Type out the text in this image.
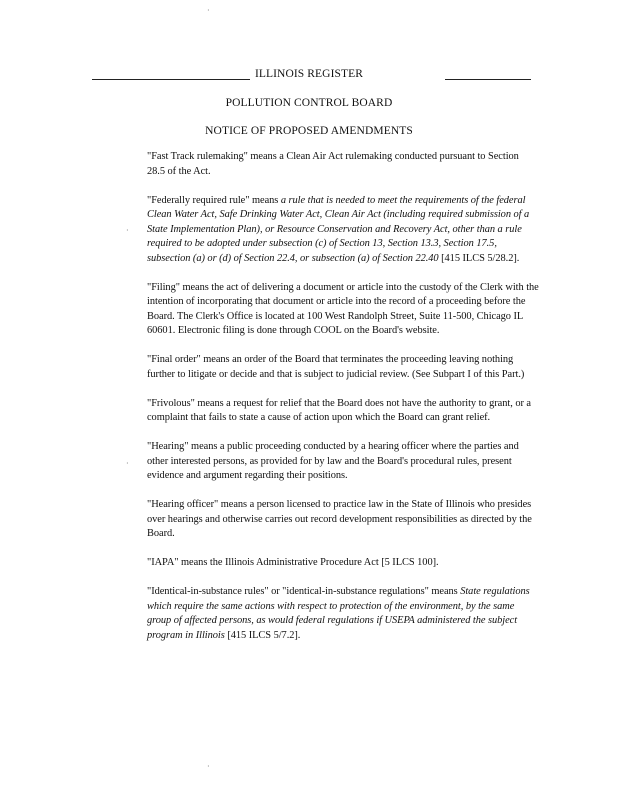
ILLINOIS REGISTER
POLLUTION CONTROL BOARD
NOTICE OF PROPOSED AMENDMENTS
·
·
·
·

"Fast Track rulemaking" means a Clean Air Act rulemaking conducted pursuant to Section 28.5 of the Act.

"Federally required rule" means a rule that is needed to meet the requirements of the federal Clean Water Act, Safe Drinking Water Act, Clean Air Act (including required submission of a State Implementation Plan), or Resource Conservation and Recovery Act, other than a rule required to be adopted under subsection (c) of Section 13, Section 13.3, Section 17.5, subsection (a) or (d) of Section 22.4, or subsection (a) of Section 22.40 [415 ILCS 5/28.2].

"Filing" means the act of delivering a document or article into the custody of the Clerk with the intention of incorporating that document or article into the record of a proceeding before the Board. The Clerk's Office is located at 100 West Randolph Street, Suite 11-500, Chicago IL 60601. Electronic filing is done through COOL on the Board's website.

"Final order" means an order of the Board that terminates the proceeding leaving nothing further to litigate or decide and that is subject to judicial review. (See Subpart I of this Part.)

"Frivolous" means a request for relief that the Board does not have the authority to grant, or a complaint that fails to state a cause of action upon which the Board can grant relief.

"Hearing" means a public proceeding conducted by a hearing officer where the parties and other interested persons, as provided for by law and the Board's procedural rules, present evidence and argument regarding their positions.

"Hearing officer" means a person licensed to practice law in the State of Illinois who presides over hearings and otherwise carries out record development responsibilities as directed by the Board.

"IAPA" means the Illinois Administrative Procedure Act [5 ILCS 100].

"Identical-in-substance rules" or "identical-in-substance regulations" means State regulations which require the same actions with respect to protection of the environment, by the same group of affected persons, as would federal regulations if USEPA administered the subject program in Illinois [415 ILCS 5/7.2].
